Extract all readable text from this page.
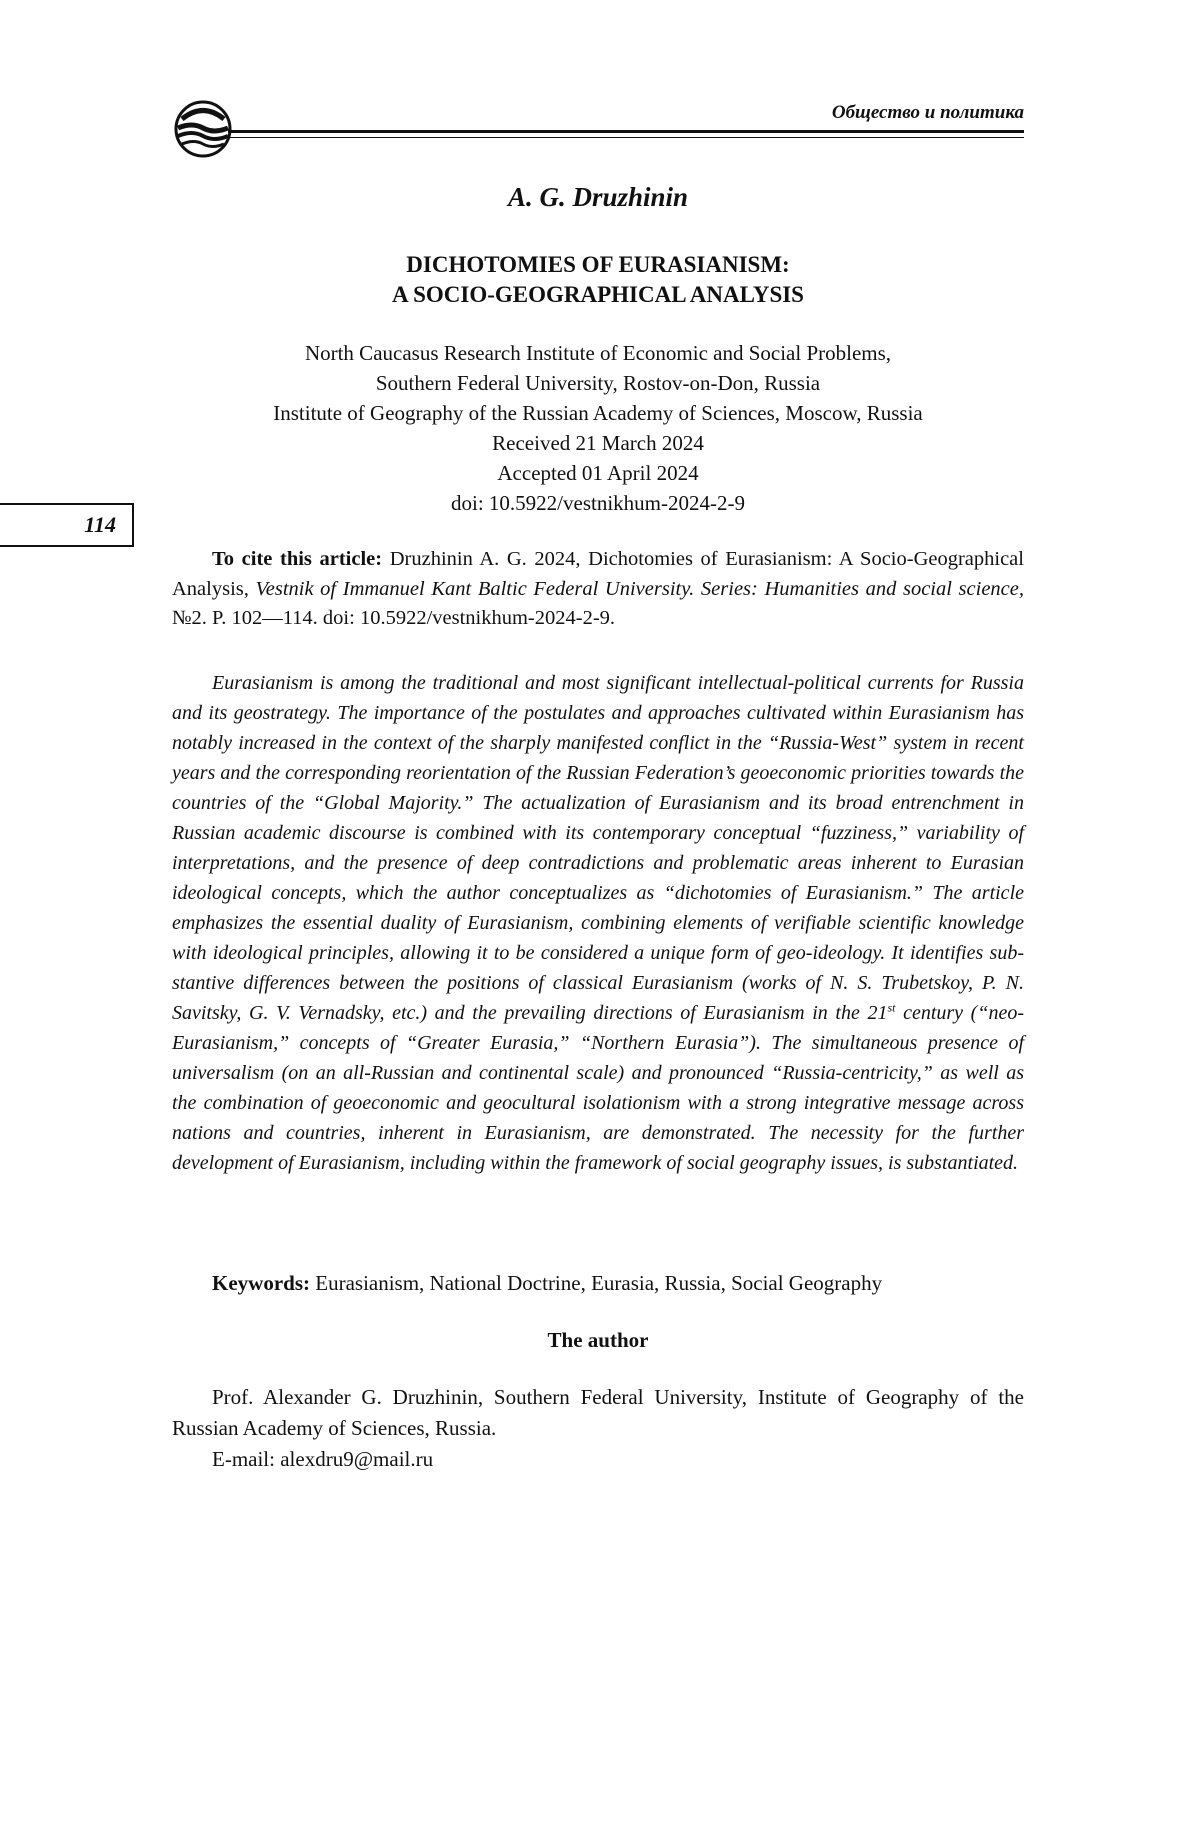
Общество и политика
114
A. G. Druzhinin
DICHOTOMIES OF EURASIANISM:
A SOCIO-GEOGRAPHICAL ANALYSIS
North Caucasus Research Institute of Economic and Social Problems,
Southern Federal University, Rostov-on-Don, Russia
Institute of Geography of the Russian Academy of Sciences, Moscow, Russia
Received 21 March 2024
Accepted 01 April 2024
doi: 10.5922/vestnikhum-2024-2-9
To cite this article: Druzhinin A. G. 2024, Dichotomies of Eurasianism: A Socio-Geographical Analysis, Vestnik of Immanuel Kant Baltic Federal University. Series: Humanities and social science, №2. P. 102—114. doi: 10.5922/vestnikhum-2024-2-9.
Eurasianism is among the traditional and most significant intellectual-political currents for Russia and its geostrategy. The importance of the postulates and approaches cultivated within Eurasianism has notably increased in the context of the sharply manifested conflict in the “Russia-West” system in recent years and the corresponding reorientation of the Russian Federation’s geoeconomic priorities towards the countries of the “Global Majority.” The actualization of Eurasianism and its broad entrenchment in Russian academic discourse is combined with its contemporary conceptual “fuzziness,” variability of interpretations, and the presence of deep contradictions and problematic areas inherent to Eurasian ideological concepts, which the author conceptualizes as “dichotomies of Eurasianism.” The article emphasizes the essential duality of Eurasianism, combining elements of verifiable scientific knowledge with ideological principles, allowing it to be considered a unique form of geo-ideology. It identifies substantive differences between the positions of classical Eurasianism (works of N. S. Trubetskoy, P. N. Savitsky, G. V. Vernadsky, etc.) and the prevailing directions of Eurasianism in the 21st century (“neo-Eurasianism,” concepts of “Greater Eurasia,” “Northern Eurasia”). The simultaneous presence of universalism (on an all-Russian and continental scale) and pronounced “Russia-centricity,” as well as the combination of geoeconomic and geocultural isolationism with a strong integrative message across nations and countries, inherent in Eurasianism, are demonstrated. The necessity for the further development of Eurasianism, including within the framework of social geography issues, is substantiated.
Keywords: Eurasianism, National Doctrine, Eurasia, Russia, Social Geography
The author

Prof. Alexander G. Druzhinin, Southern Federal University, Institute of Geography of the Russian Academy of Sciences, Russia.

E-mail: alexdru9@mail.ru
